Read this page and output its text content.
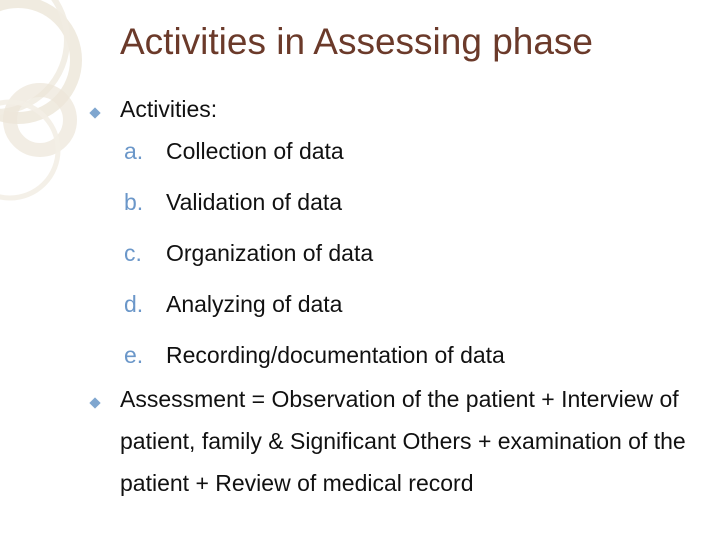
Activities in Assessing phase
Activities:
a. Collection of data
b. Validation of data
c.	Organization of data
d. Analyzing of data
e. Recording/documentation of data
Assessment = Observation of the patient + Interview of patient, family & Significant Others + examination of the patient + Review of medical record
